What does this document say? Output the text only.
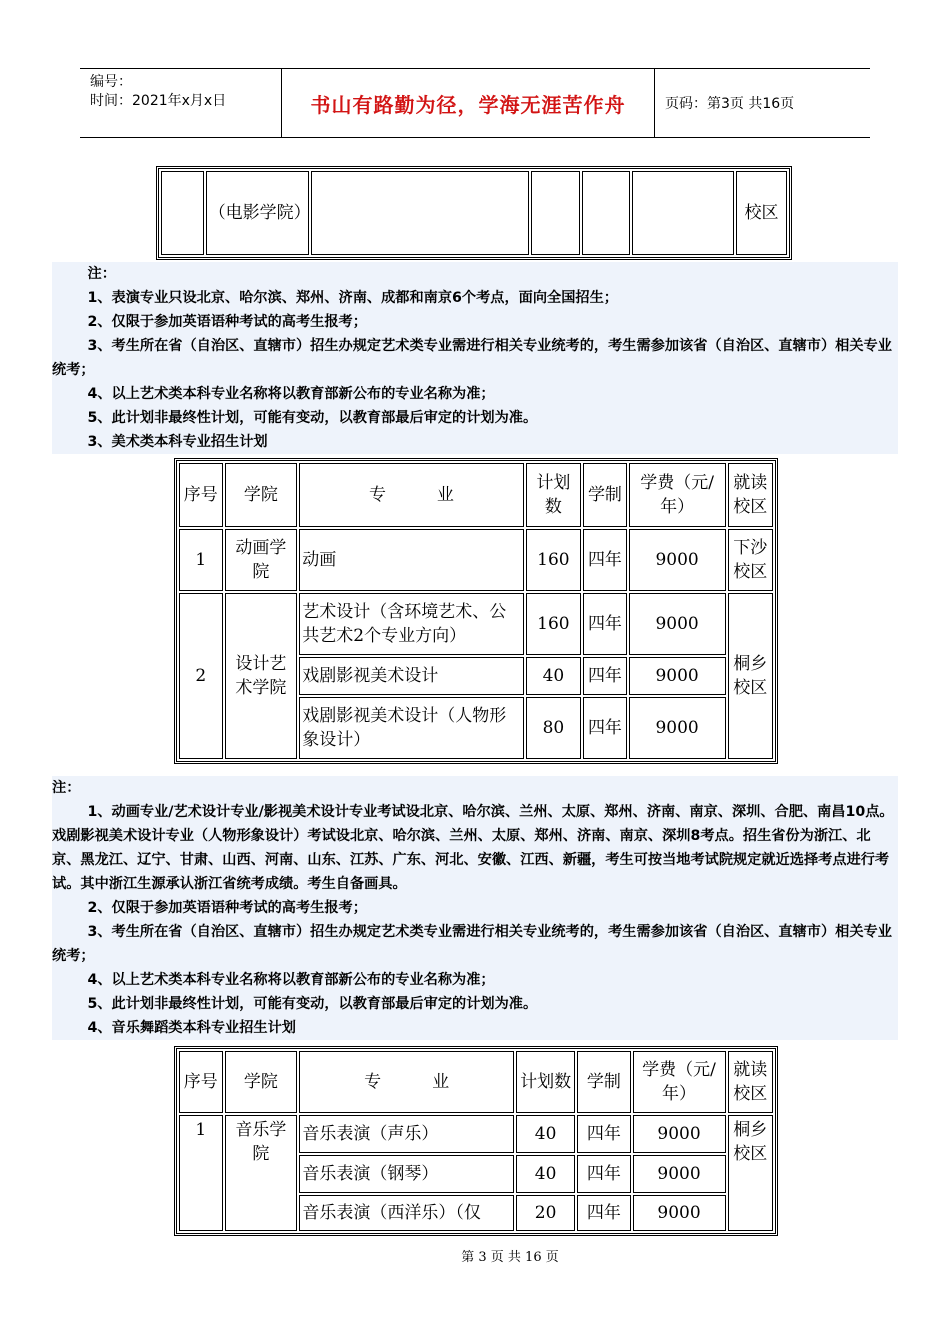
编号：
时间：2021年x月x日	书山有路勤为径，学海无涯苦作舟	页码：第3页 共16页
	（电影学院）					校区

注：

1、表演专业只设北京、哈尔滨、郑州、济南、成都和南京6个考点，面向全国招生；

2、仅限于参加英语语种考试的高考生报考；

3、考生所在省（自治区、直辖市）招生办规定艺术类专业需进行相关专业统考的，考生需参加该省（自治区、直辖市）相关专业统考；

4、以上艺术类本科专业名称将以教育部新公布的专业名称为准；

5、此计划非最终性计划，可能有变动，以教育部最后审定的计划为准。

3、美术类本科专业招生计划

序号	学院	专　　　业	计划数	学制	学费（元/年）	就读校区
1	动画学院	动画	160	四年	9000	下沙校区
2	设计艺术学院	艺术设计（含环境艺术、公共艺术2个专业方向）	160	四年	9000	桐乡校区
		戏剧影视美术设计	40	四年	9000	
		戏剧影视美术设计（人物形象设计）	80	四年	9000	

注：

1、动画专业/艺术设计专业/影视美术设计专业考试设北京、哈尔滨、兰州、太原、郑州、济南、南京、深圳、合肥、南昌10点。戏剧影视美术设计专业（人物形象设计）考试设北京、哈尔滨、兰州、太原、郑州、济南、南京、深圳8考点。招生省份为浙江、北京、黑龙江、辽宁、甘肃、山西、河南、山东、江苏、广东、河北、安徽、江西、新疆，考生可按当地考试院规定就近选择考点进行考试。其中浙江生源承认浙江省统考成绩。考生自备画具。

2、仅限于参加英语语种考试的高考生报考；

3、考生所在省（自治区、直辖市）招生办规定艺术类专业需进行相关专业统考的，考生需参加该省（自治区、直辖市）相关专业统考；

4、以上艺术类本科专业名称将以教育部新公布的专业名称为准；

5、此计划非最终性计划，可能有变动，以教育部最后审定的计划为准。

4、音乐舞蹈类本科专业招生计划

序号	学院	专　　　业	计划数	学制	学费（元/年）	就读校区
1	音乐学院	音乐表演（声乐）	40	四年	9000	桐乡校区
		音乐表演（钢琴）	40	四年	9000	
		音乐表演（西洋乐）（仅	20	四年	9000	
第 3 页 共 16 页
